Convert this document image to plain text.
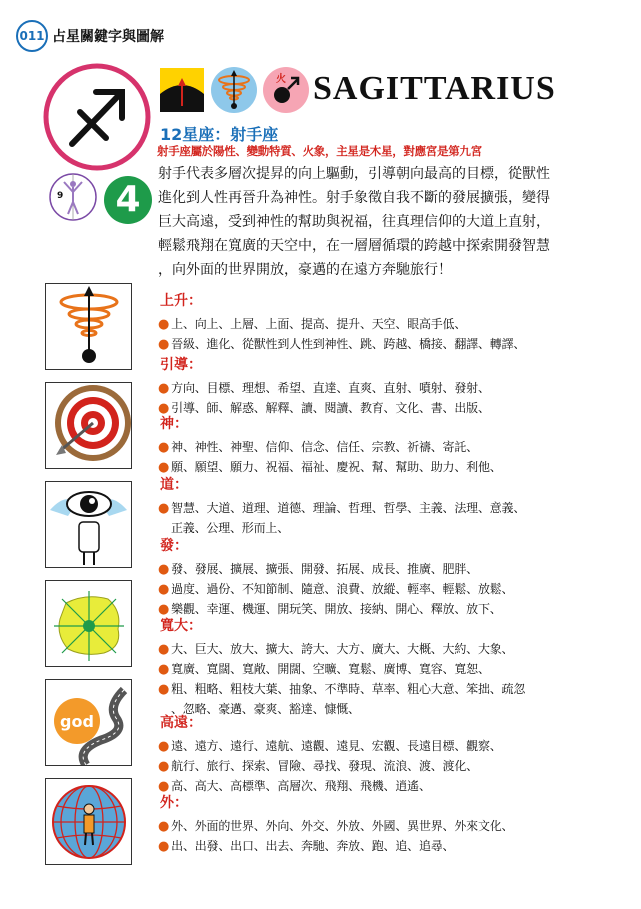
011 占星關鍵字與圖解
火 SAGITTARIUS
12星座：射手座
射手座屬於陽性、變動特質、火象，主星是木星，對應宮是第九宮
射手代表多層次提昇的向上驅動，引導朝向最高的目標，從獸性
進化到人性再晉升為神性。射手象徵自我不斷的發展擴張，變得
巨大高遠，受到神性的幫助與祝福，往真理信仰的大道上直射，
輕鬆飛翔在寬廣的天空中，在一層層循環的跨越中探索開發智慧
，向外面的世界開放，豪邁的在遠方奔馳旅行！
9	4
god
上升：
● 上、向上、上層、上面、提高、提升、天空、眼高手低、
● 晉級、進化、從獸性到人性到神性、跳、跨越、橋接、翻譯、轉譯、
引導：
● 方向、目標、理想、希望、直達、直爽、直射、噴射、發射、
● 引導、師、解惑、解釋、讀、閱讀、教育、文化、書、出版、
神：
● 神、神性、神聖、信仰、信念、信任、宗教、祈禱、寄託、
● 願、願望、願力、祝福、福祉、慶祝、幫、幫助、助力、利他、
道：
● 智慧、大道、道理、道德、理論、哲理、哲學、主義、法理、意義、
正義、公理、形而上、
發：
● 發、發展、擴展、擴張、開發、拓展、成長、推廣、肥胖、
● 過度、過份、不知節制、隨意、浪費、放縱、輕率、輕鬆、放鬆、
● 樂觀、幸運、機運、開玩笑、開放、接納、開心、釋放、放下、
寬大：
● 大、巨大、放大、擴大、誇大、大方、廣大、大概、大約、大象、
● 寬廣、寬闊、寬敞、開闊、空曠、寬鬆、廣博、寬容、寬恕、
● 粗、粗略、粗枝大葉、抽象、不準時、草率、粗心大意、笨拙、疏忽
、忽略、豪邁、豪爽、豁達、慷慨、
高遠：
● 遠、遠方、遠行、遠航、遠觀、遠見、宏觀、長遠目標、觀察、
● 航行、旅行、探索、冒險、尋找、發現、流浪、渡、渡化、
● 高、高大、高標準、高層次、飛翔、飛機、逍遙、
外：
● 外、外面的世界、外向、外交、外放、外國、異世界、外來文化、
● 出、出發、出口、出去、奔馳、奔放、跑、追、追尋、
